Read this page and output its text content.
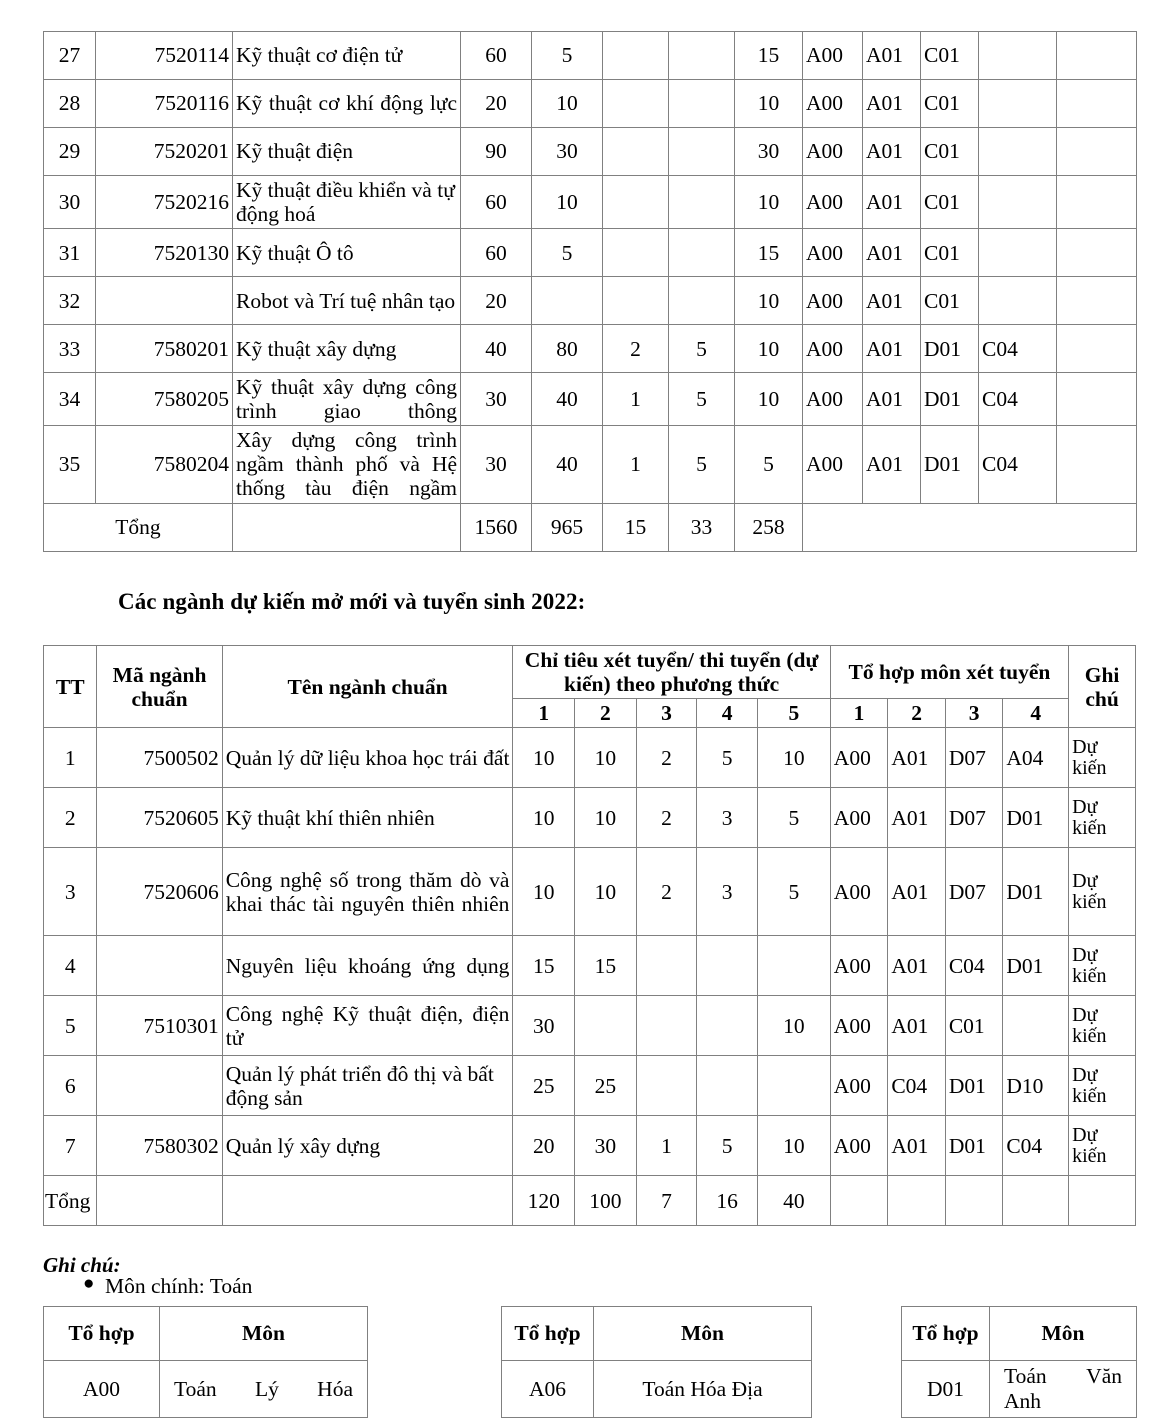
27	7520114	Kỹ thuật cơ điện tử	60	5			15	A00	A01	C01		
28	7520116	Kỹ thuật cơ khí động lực	20	10			10	A00	A01	C01		
29	7520201	Kỹ thuật điện	90	30			30	A00	A01	C01		
30	7520216	Kỹ thuật điều khiển và tự động hoá	60	10			10	A00	A01	C01		
31	7520130	Kỹ thuật Ô tô	60	5			15	A00	A01	C01		
32		Robot và Trí tuệ nhân tạo	20				10	A00	A01	C01		
33	7580201	Kỹ thuật xây dựng	40	80	2	5	10	A00	A01	D01	C04	
34	7580205	Kỹ thuật xây dựng công trình giao thông	30	40	1	5	10	A00	A01	D01	C04	
35	7580204	Xây dựng công trình ngầm thành phố và Hệ thống tàu điện ngầm	30	40	1	5	5	A00	A01	D01	C04	
Tổng			1560	965	15	33	258					
Các ngành dự kiến mở mới và tuyển sinh 2022:
TT	Mã ngành chuẩn	Tên ngành chuẩn	Chỉ tiêu xét tuyển/ thi tuyển (dự kiến) theo phương thức					Tổ hợp môn xét tuyển				Ghi chú
			1	2	3	4	5	1	2	3	4	
1	7500502	Quản lý dữ liệu khoa học trái đất	10	10	2	5	10	A00	A01	D07	A04	Dự kiến
2	7520605	Kỹ thuật khí thiên nhiên	10	10	2	3	5	A00	A01	D07	D01	Dự kiến
3	7520606	Công nghệ số trong thăm dò và khai thác tài nguyên thiên nhiên	10	10	2	3	5	A00	A01	D07	D01	Dự kiến
4		Nguyên liệu khoáng ứng dụng	15	15				A00	A01	C04	D01	Dự kiến
5	7510301	Công nghệ Kỹ thuật điện, điện tử	30				10	A00	A01	C01		Dự kiến
6		Quản lý phát triển đô thị và bất động sản	25	25				A00	C04	D01	D10	Dự kiến
7	7580302	Quản lý xây dựng	20	30	1	5	10	A00	A01	D01	C04	Dự kiến
Tổng			120	100	7	16	40					
Ghi chú:
● Môn chính: Toán
Tổ hợp	Môn		Tổ hợp	Môn		Tổ hợp	Môn
A00	Toán Lý Hóa		A06	Toán Hóa Địa		D01	Toán Văn Anh
